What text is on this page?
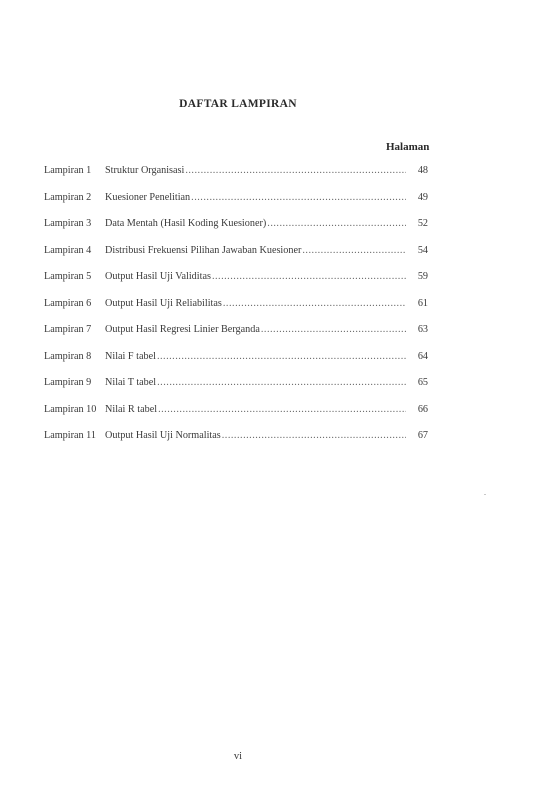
DAFTAR LAMPIRAN
Halaman
Lampiran 1	Struktur Organisasi .....	48
Lampiran 2	Kuesioner Penelitian .....	49
Lampiran 3	Data Mentah (Hasil Koding Kuesioner) .....	52
Lampiran 4	Distribusi Frekuensi Pilihan Jawaban Kuesioner .....	54
Lampiran 5	Output Hasil Uji Validitas .....	59
Lampiran 6	Output Hasil Uji Reliabilitas .....	61
Lampiran 7	Output Hasil Regresi Linier Berganda .....	63
Lampiran 8	Nilai F tabel .....	64
Lampiran 9	Nilai T tabel .....	65
Lampiran 10 Nilai R tabel .....	66
Lampiran 11 Output Hasil Uji Normalitas .....	67
vi
